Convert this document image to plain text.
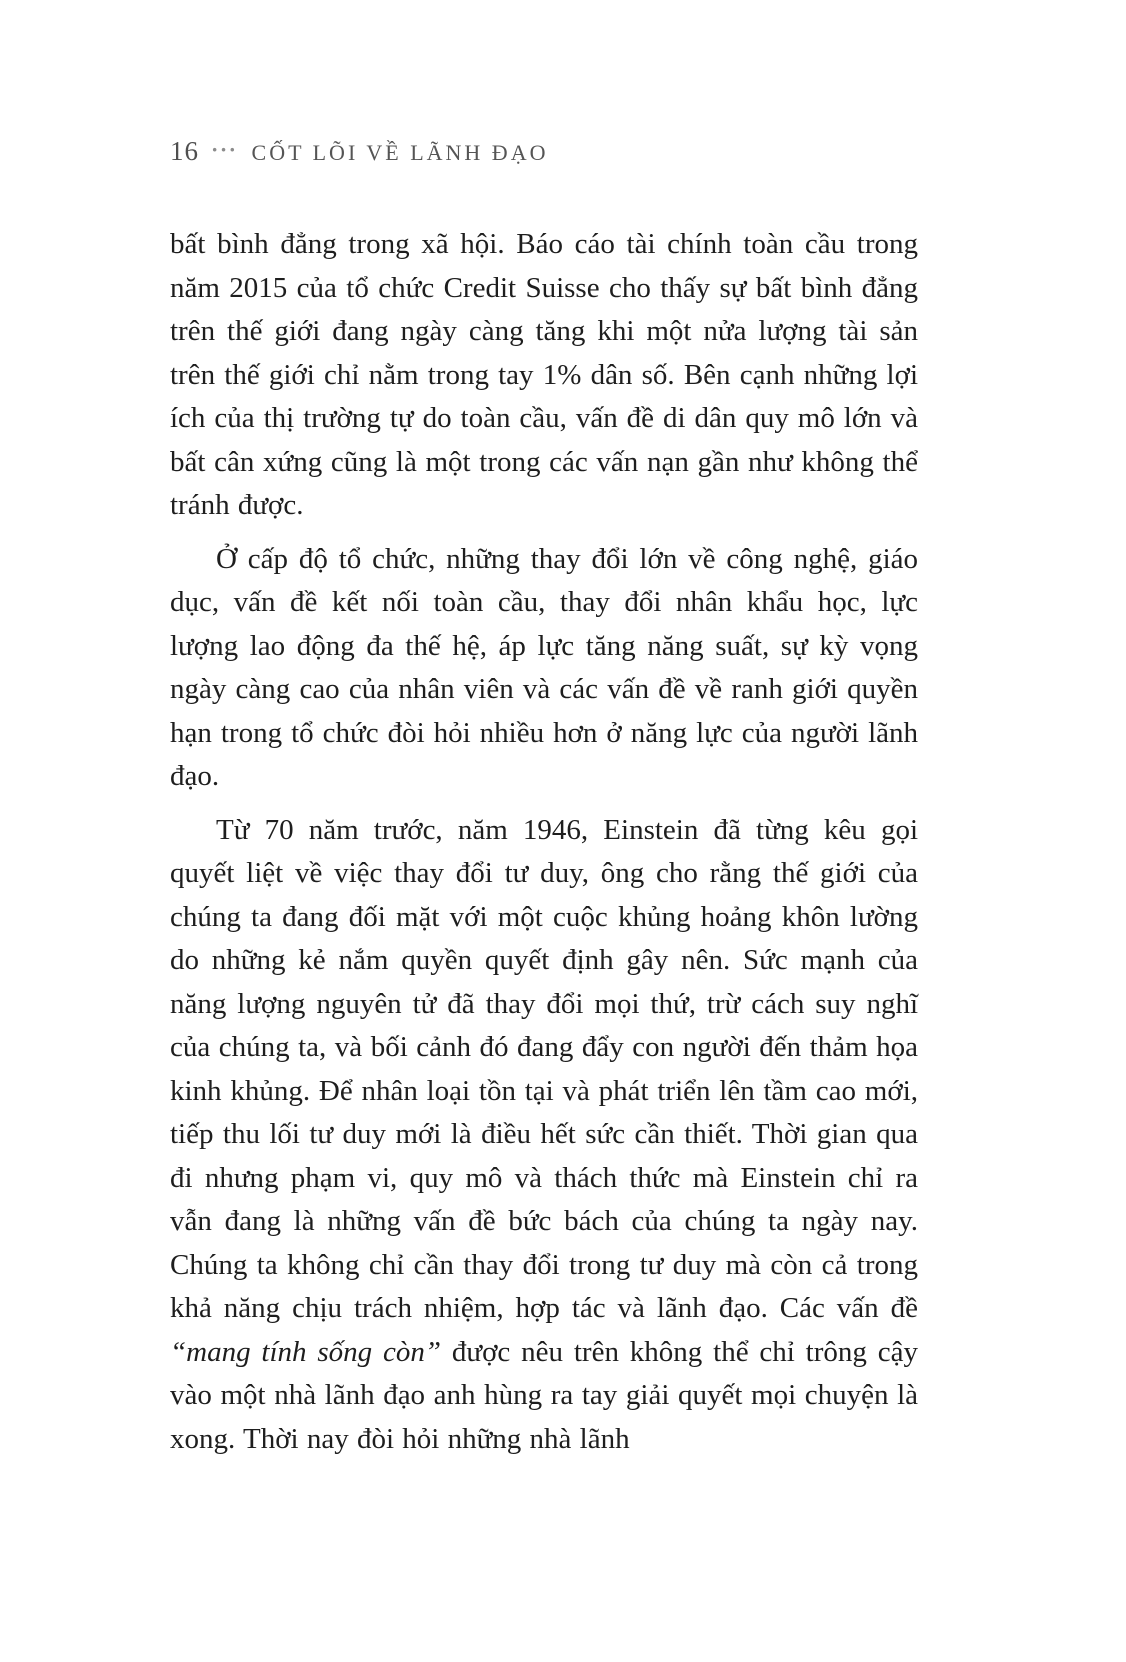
16 ··· CỐT LÕI VỀ LÃNH ĐẠO

bất bình đẳng trong xã hội. Báo cáo tài chính toàn cầu trong năm 2015 của tổ chức Credit Suisse cho thấy sự bất bình đẳng trên thế giới đang ngày càng tăng khi một nửa lượng tài sản trên thế giới chỉ nằm trong tay 1% dân số. Bên cạnh những lợi ích của thị trường tự do toàn cầu, vấn đề di dân quy mô lớn và bất cân xứng cũng là một trong các vấn nạn gần như không thể tránh được.

Ở cấp độ tổ chức, những thay đổi lớn về công nghệ, giáo dục, vấn đề kết nối toàn cầu, thay đổi nhân khẩu học, lực lượng lao động đa thế hệ, áp lực tăng năng suất, sự kỳ vọng ngày càng cao của nhân viên và các vấn đề về ranh giới quyền hạn trong tổ chức đòi hỏi nhiều hơn ở năng lực của người lãnh đạo.

Từ 70 năm trước, năm 1946, Einstein đã từng kêu gọi quyết liệt về việc thay đổi tư duy, ông cho rằng thế giới của chúng ta đang đối mặt với một cuộc khủng hoảng khôn lường do những kẻ nắm quyền quyết định gây nên. Sức mạnh của năng lượng nguyên tử đã thay đổi mọi thứ, trừ cách suy nghĩ của chúng ta, và bối cảnh đó đang đẩy con người đến thảm họa kinh khủng. Để nhân loại tồn tại và phát triển lên tầm cao mới, tiếp thu lối tư duy mới là điều hết sức cần thiết. Thời gian qua đi nhưng phạm vi, quy mô và thách thức mà Einstein chỉ ra vẫn đang là những vấn đề bức bách của chúng ta ngày nay. Chúng ta không chỉ cần thay đổi trong tư duy mà còn cả trong khả năng chịu trách nhiệm, hợp tác và lãnh đạo. Các vấn đề “mang tính sống còn” được nêu trên không thể chỉ trông cậy vào một nhà lãnh đạo anh hùng ra tay giải quyết mọi chuyện là xong. Thời nay đòi hỏi những nhà lãnh
